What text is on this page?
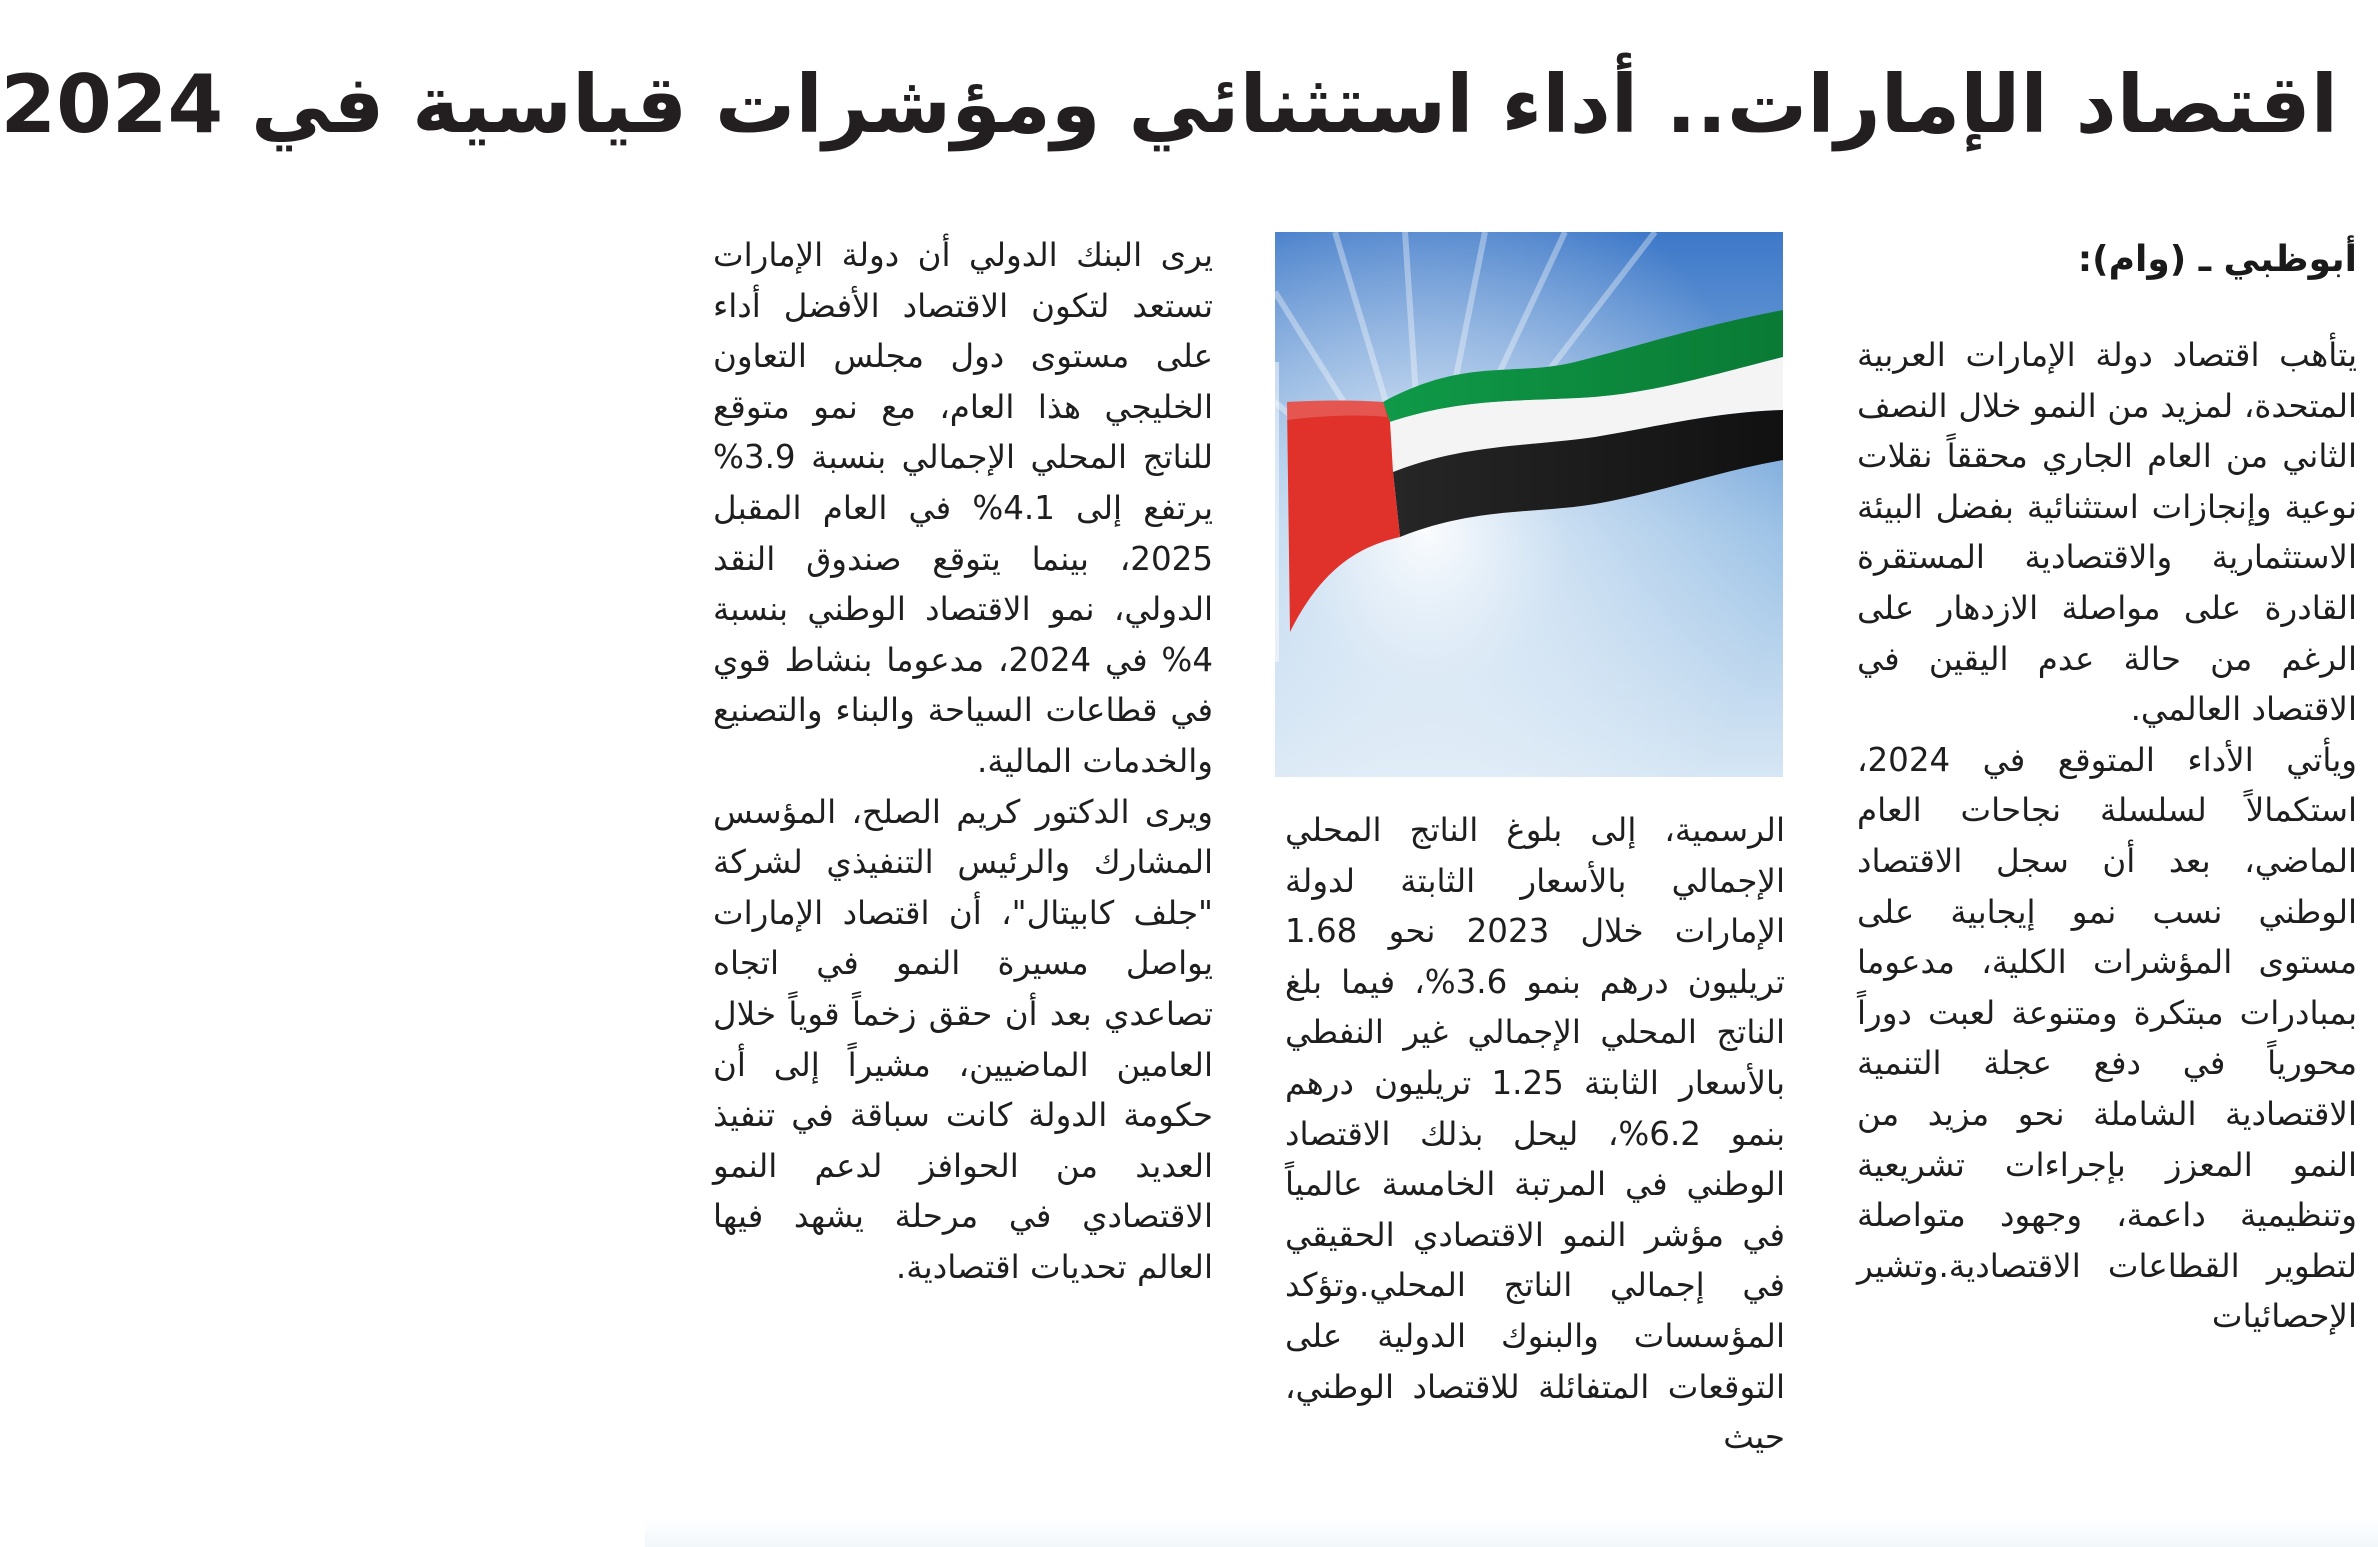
اقتصاد الإمارات.. أداء استثنائي ومؤشرات قياسية في 2024
أبوظبي ـ (وام):

يتأهب اقتصاد دولة الإمارات العربية المتحدة، لمزيد من النمو خلال النصف الثاني من العام الجاري محققاً نقلات نوعية وإنجازات استثنائية بفضل البيئة الاستثمارية والاقتصادية المستقرة القادرة على مواصلة الازدهار على الرغم من حالة عدم اليقين في الاقتصاد العالمي.

ويأتي الأداء المتوقع في 2024، استكمالاً لسلسلة نجاحات العام الماضي، بعد أن سجل الاقتصاد الوطني نسب نمو إيجابية على مستوى المؤشرات الكلية، مدعوما بمبادرات مبتكرة ومتنوعة لعبت دوراً محورياً في دفع عجلة التنمية الاقتصادية الشاملة نحو مزيد من النمو المعزز بإجراءات تشريعية وتنظيمية داعمة، وجهود متواصلة لتطوير القطاعات الاقتصادية.وتشير الإحصائيات

الرسمية، إلى بلوغ الناتج المحلي الإجمالي بالأسعار الثابتة لدولة الإمارات خلال 2023 نحو 1.68 تريليون درهم بنمو 3.6%، فيما بلغ الناتج المحلي الإجمالي غير النفطي بالأسعار الثابتة 1.25 تريليون درهم بنمو 6.2%، ليحل بذلك الاقتصاد الوطني في المرتبة الخامسة عالمياً في مؤشر النمو الاقتصادي الحقيقي في إجمالي الناتج المحلي.وتؤكد المؤسسات والبنوك الدولية على التوقعات المتفائلة للاقتصاد الوطني، حيث

يرى البنك الدولي أن دولة الإمارات تستعد لتكون الاقتصاد الأفضل أداء على مستوى دول مجلس التعاون الخليجي هذا العام، مع نمو متوقع للناتج المحلي الإجمالي بنسبة 3.9% يرتفع إلى 4.1% في العام المقبل 2025، بينما يتوقع صندوق النقد الدولي، نمو الاقتصاد الوطني بنسبة 4% في 2024، مدعوما بنشاط قوي في قطاعات السياحة والبناء والتصنيع والخدمات المالية.

ويرى الدكتور كريم الصلح، المؤسس المشارك والرئيس التنفيذي لشركة "جلف كابيتال"، أن اقتصاد الإمارات يواصل مسيرة النمو في اتجاه تصاعدي بعد أن حقق زخماً قوياً خلال العامين الماضيين، مشيراً إلى أن حكومة الدولة كانت سباقة في تنفيذ العديد من الحوافز لدعم النمو الاقتصادي في مرحلة يشهد فيها العالم تحديات اقتصادية.
